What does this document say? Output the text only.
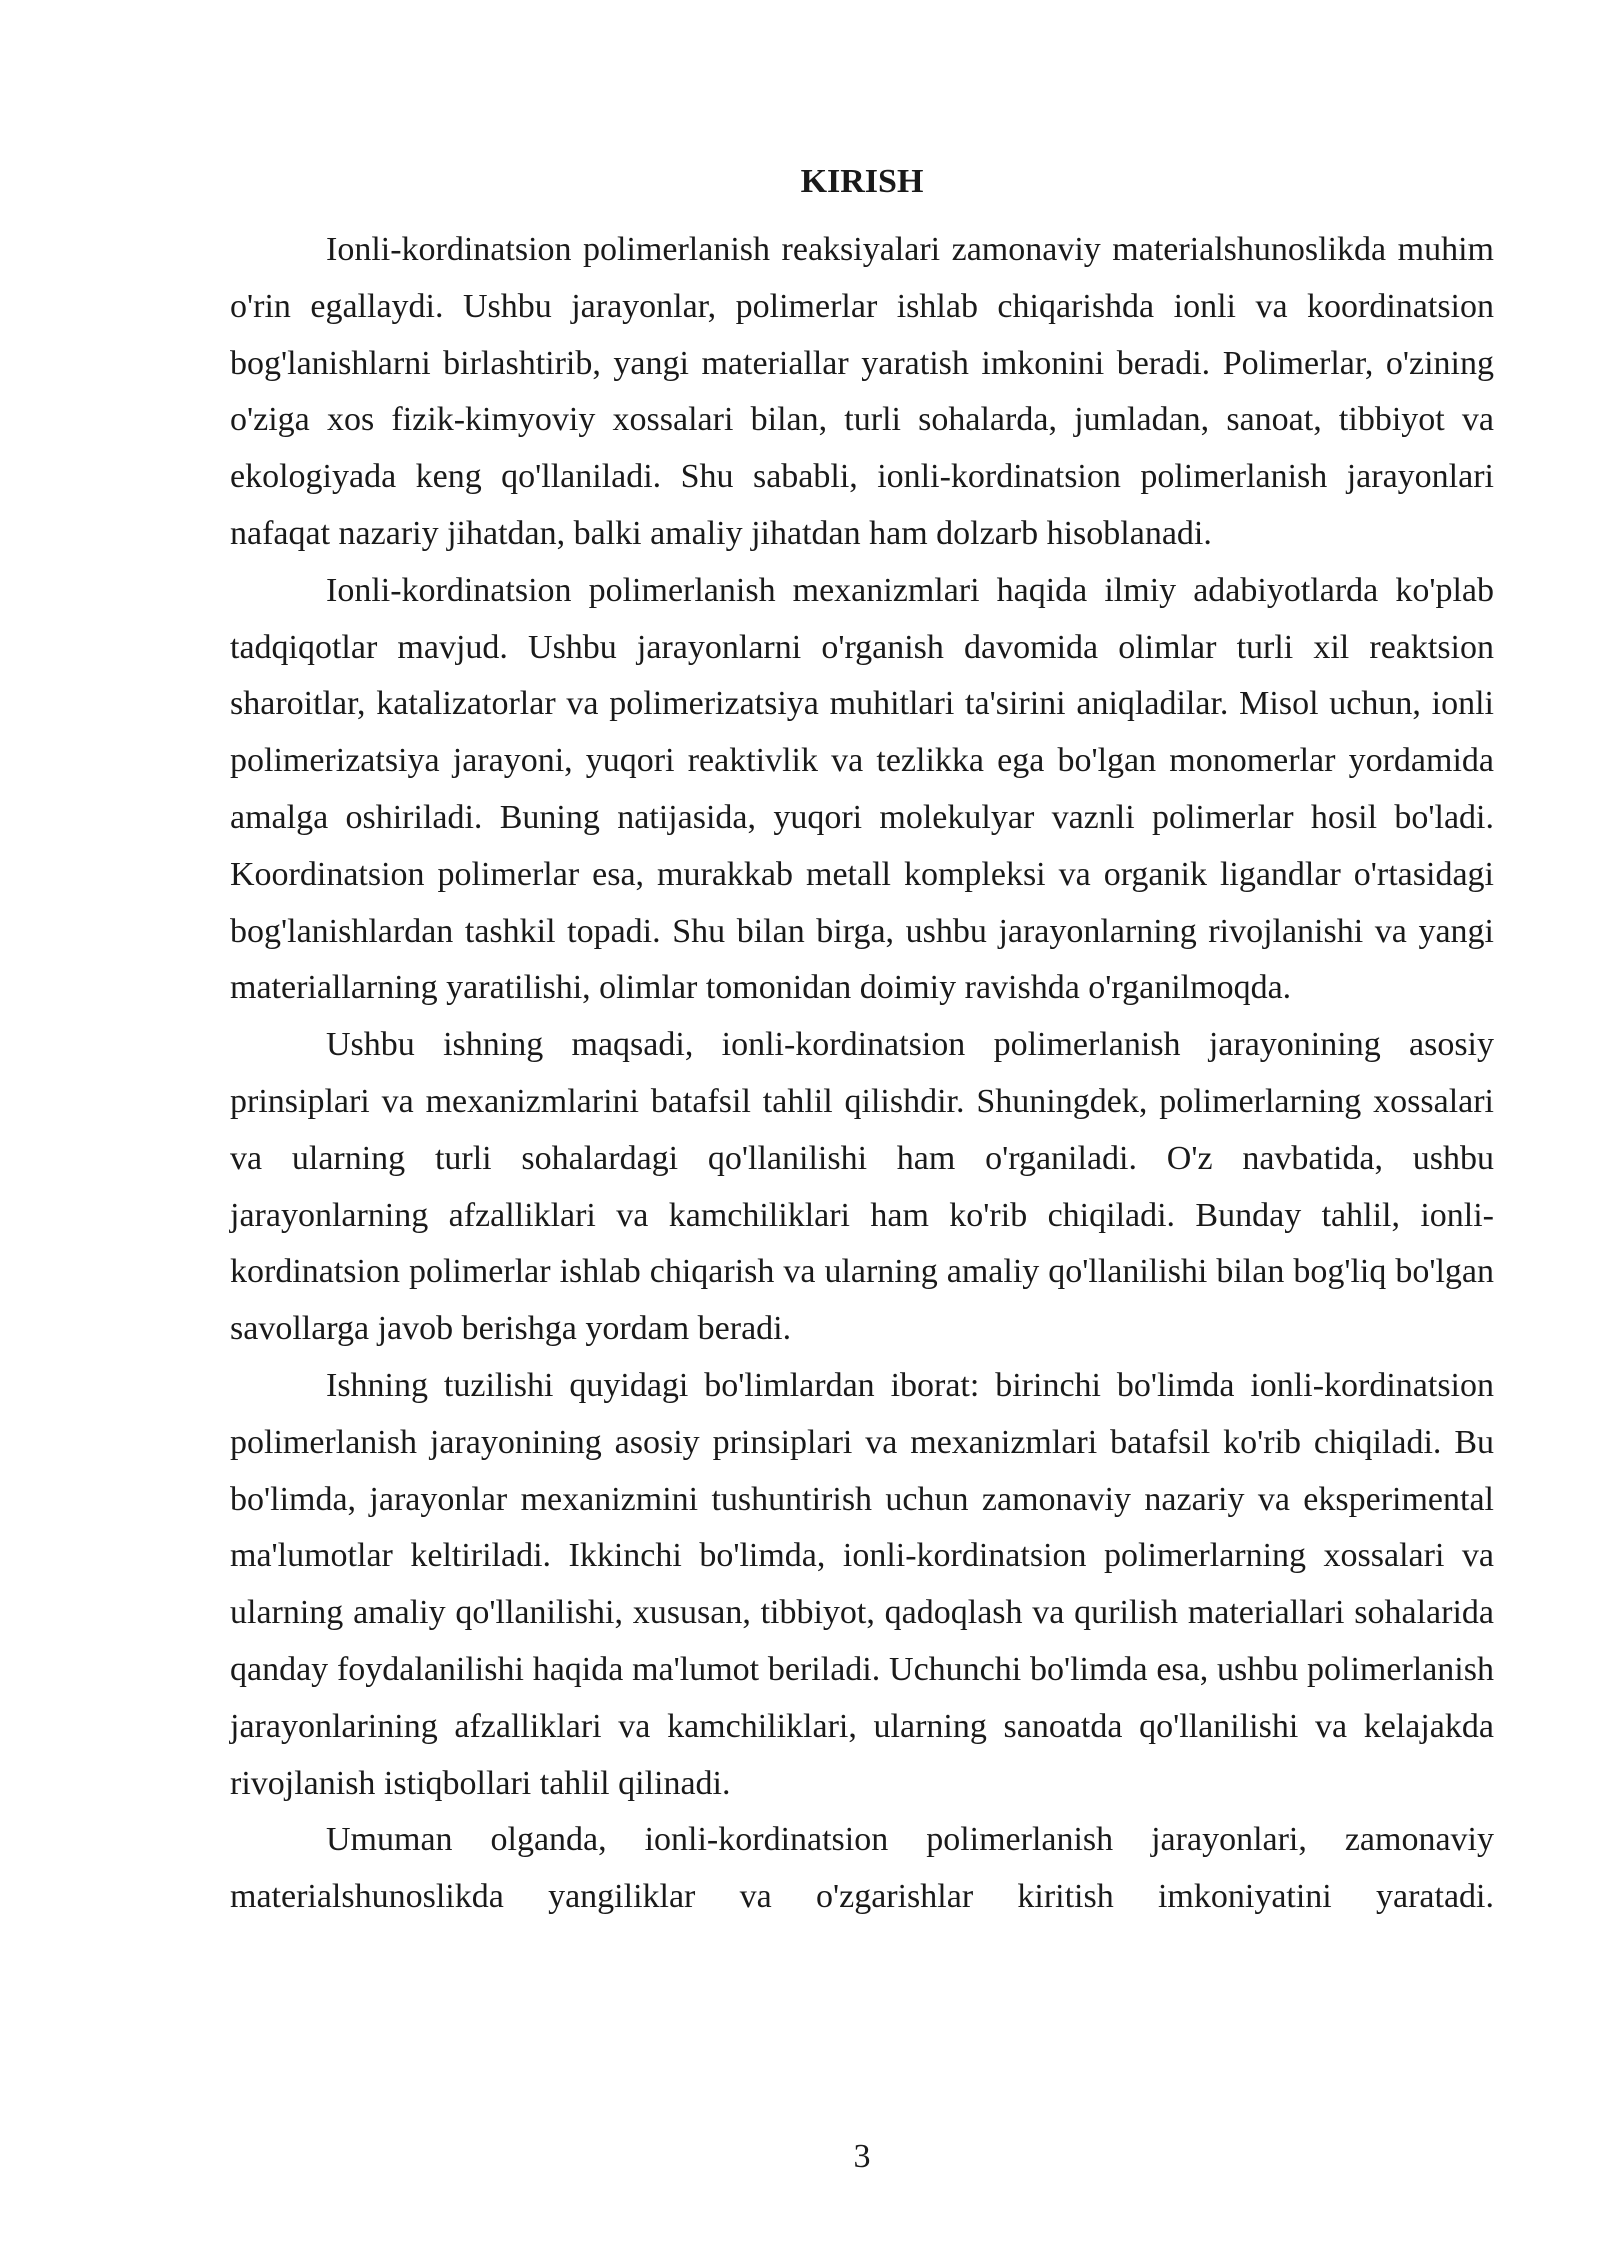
KIRISH

Ionli-kordinatsion polimerlanish reaksiyalari zamonaviy materialshunoslikda muhim o'rin egallaydi. Ushbu jarayonlar, polimerlar ishlab chiqarishda ionli va koordinatsion bog'lanishlarni birlashtirib, yangi materiallar yaratish imkonini beradi. Polimerlar, o'zining o'ziga xos fizik-kimyoviy xossalari bilan, turli sohalarda, jumladan, sanoat, tibbiyot va ekologiyada keng qo'llaniladi. Shu sababli, ionli-kordinatsion polimerlanish jarayonlari nafaqat nazariy jihatdan, balki amaliy jihatdan ham dolzarb hisoblanadi.

Ionli-kordinatsion polimerlanish mexanizmlari haqida ilmiy adabiyotlarda ko'plab tadqiqotlar mavjud. Ushbu jarayonlarni o'rganish davomida olimlar turli xil reaktsion sharoitlar, katalizatorlar va polimerizatsiya muhitlari ta'sirini aniqladilar. Misol uchun, ionli polimerizatsiya jarayoni, yuqori reaktivlik va tezlikka ega bo'lgan monomerlar yordamida amalga oshiriladi. Buning natijasida, yuqori molekulyar vaznli polimerlar hosil bo'ladi. Koordinatsion polimerlar esa, murakkab metall kompleksi va organik ligandlar o'rtasidagi bog'lanishlardan tashkil topadi. Shu bilan birga, ushbu jarayonlarning rivojlanishi va yangi materiallarning yaratilishi, olimlar tomonidan doimiy ravishda o'rganilmoqda.

Ushbu ishning maqsadi, ionli-kordinatsion polimerlanish jarayonining asosiy prinsiplari va mexanizmlarini batafsil tahlil qilishdir. Shuningdek, polimerlarning xossalari va ularning turli sohalardagi qo'llanilishi ham o'rganiladi. O'z navbatida, ushbu jarayonlarning afzalliklari va kamchiliklari ham ko'rib chiqiladi. Bunday tahlil, ionli-kordinatsion polimerlar ishlab chiqarish va ularning amaliy qo'llanilishi bilan bog'liq bo'lgan savollarga javob berishga yordam beradi.

Ishning tuzilishi quyidagi bo'limlardan iborat: birinchi bo'limda ionli-kordinatsion polimerlanish jarayonining asosiy prinsiplari va mexanizmlari batafsil ko'rib chiqiladi. Bu bo'limda, jarayonlar mexanizmini tushuntirish uchun zamonaviy nazariy va eksperimental ma'lumotlar keltiriladi. Ikkinchi bo'limda, ionli-kordinatsion polimerlarning xossalari va ularning amaliy qo'llanilishi, xususan, tibbiyot, qadoqlash va qurilish materiallari sohalarida qanday foydalanilishi haqida ma'lumot beriladi. Uchunchi bo'limda esa, ushbu polimerlanish jarayonlarining afzalliklari va kamchiliklari, ularning sanoatda qo'llanilishi va kelajakda rivojlanish istiqbollari tahlil qilinadi.

Umuman olganda, ionli-kordinatsion polimerlanish jarayonlari, zamonaviy materialshunoslikda yangiliklar va o'zgarishlar kiritish imkoniyatini yaratadi.

3
